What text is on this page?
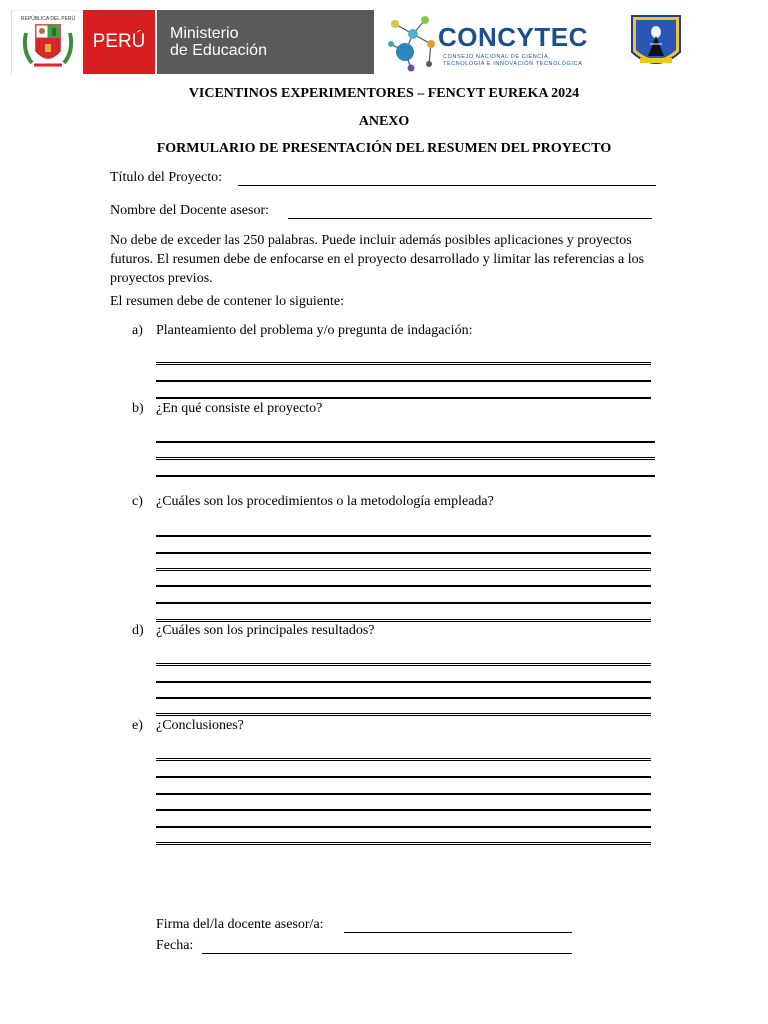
REPÚBLICA DEL PERÚ
PERÚ Ministerio
de Educación	CONCYTEC
CONSEJO NACIONAL DE CIENCIA,
TECNOLOGÍA E INNOVACIÓN TECNOLÓGICA
VICENTINOS EXPERIMENTORES – FENCYT EUREKA 2024
ANEXO
FORMULARIO DE PRESENTACIÓN DEL RESUMEN DEL PROYECTO
Título del Proyecto:
Nombre del Docente asesor:
No debe de exceder las 250 palabras. Puede incluir además posibles aplicaciones y proyectos futuros. El resumen debe de enfocarse en el proyecto desarrollado y limitar las referencias a los proyectos previos.
El resumen debe de contener lo siguiente:
a) Planteamiento del problema y/o pregunta de indagación:
b) ¿En qué consiste el proyecto?
c) ¿Cuáles son los procedimientos o la metodología empleada?
d) ¿Cuáles son los principales resultados?
e) ¿Conclusiones?
Firma del/la docente asesor/a:
Fecha:
